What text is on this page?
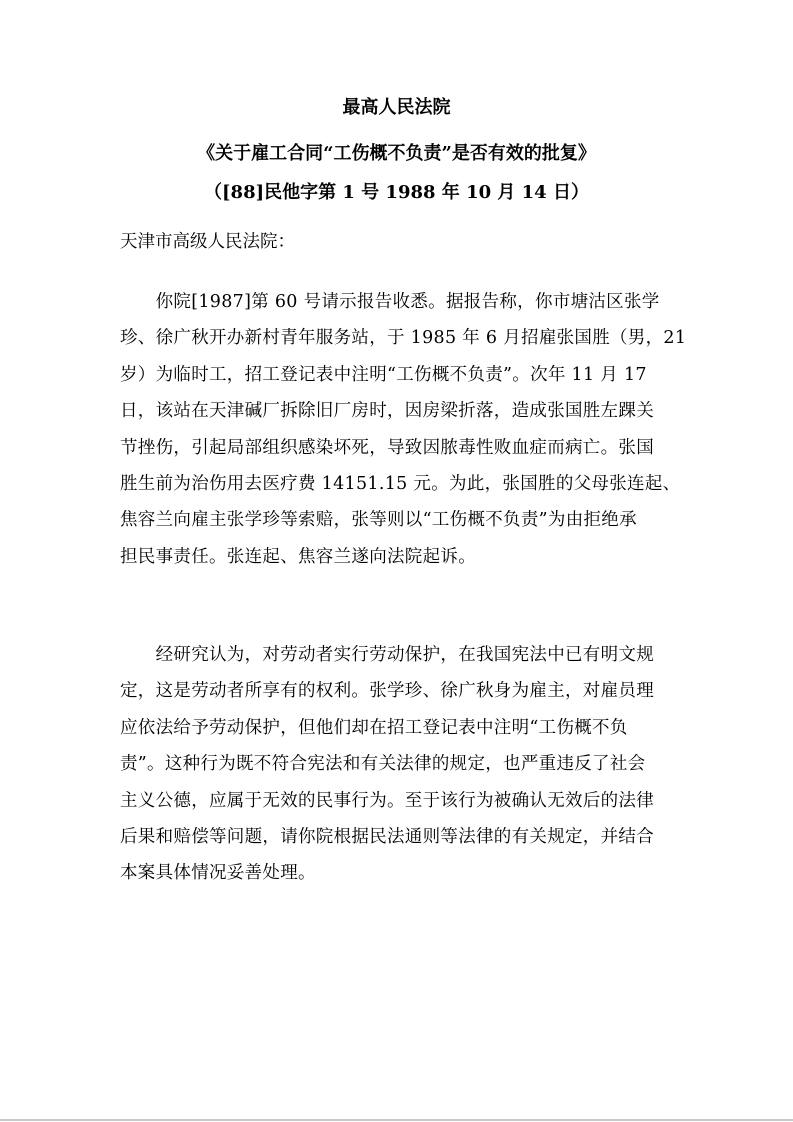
最高人民法院
《关于雇工合同“工伤概不负责”是否有效的批复》
（[88]民他字第 1 号 1988 年 10 月 14 日）
天津市高级人民法院：
　　你院[1987]第 60 号请示报告收悉。据报告称，你市塘沽区张学
珍、徐广秋开办新村青年服务站，于 1985 年 6 月招雇张国胜（男，21
岁）为临时工，招工登记表中注明“工伤概不负责”。次年 11 月 17
日，该站在天津碱厂拆除旧厂房时，因房梁折落，造成张国胜左踝关
节挫伤，引起局部组织感染坏死，导致因脓毒性败血症而病亡。张国
胜生前为治伤用去医疗费 14151.15 元。为此，张国胜的父母张连起、
焦容兰向雇主张学珍等索赔，张等则以“工伤概不负责”为由拒绝承
担民事责任。张连起、焦容兰遂向法院起诉。
　　经研究认为，对劳动者实行劳动保护，在我国宪法中已有明文规
定，这是劳动者所享有的权利。张学珍、徐广秋身为雇主，对雇员理
应依法给予劳动保护，但他们却在招工登记表中注明“工伤概不负
责”。这种行为既不符合宪法和有关法律的规定，也严重违反了社会
主义公德，应属于无效的民事行为。至于该行为被确认无效后的法律
后果和赔偿等问题，请你院根据民法通则等法律的有关规定，并结合
本案具体情况妥善处理。
